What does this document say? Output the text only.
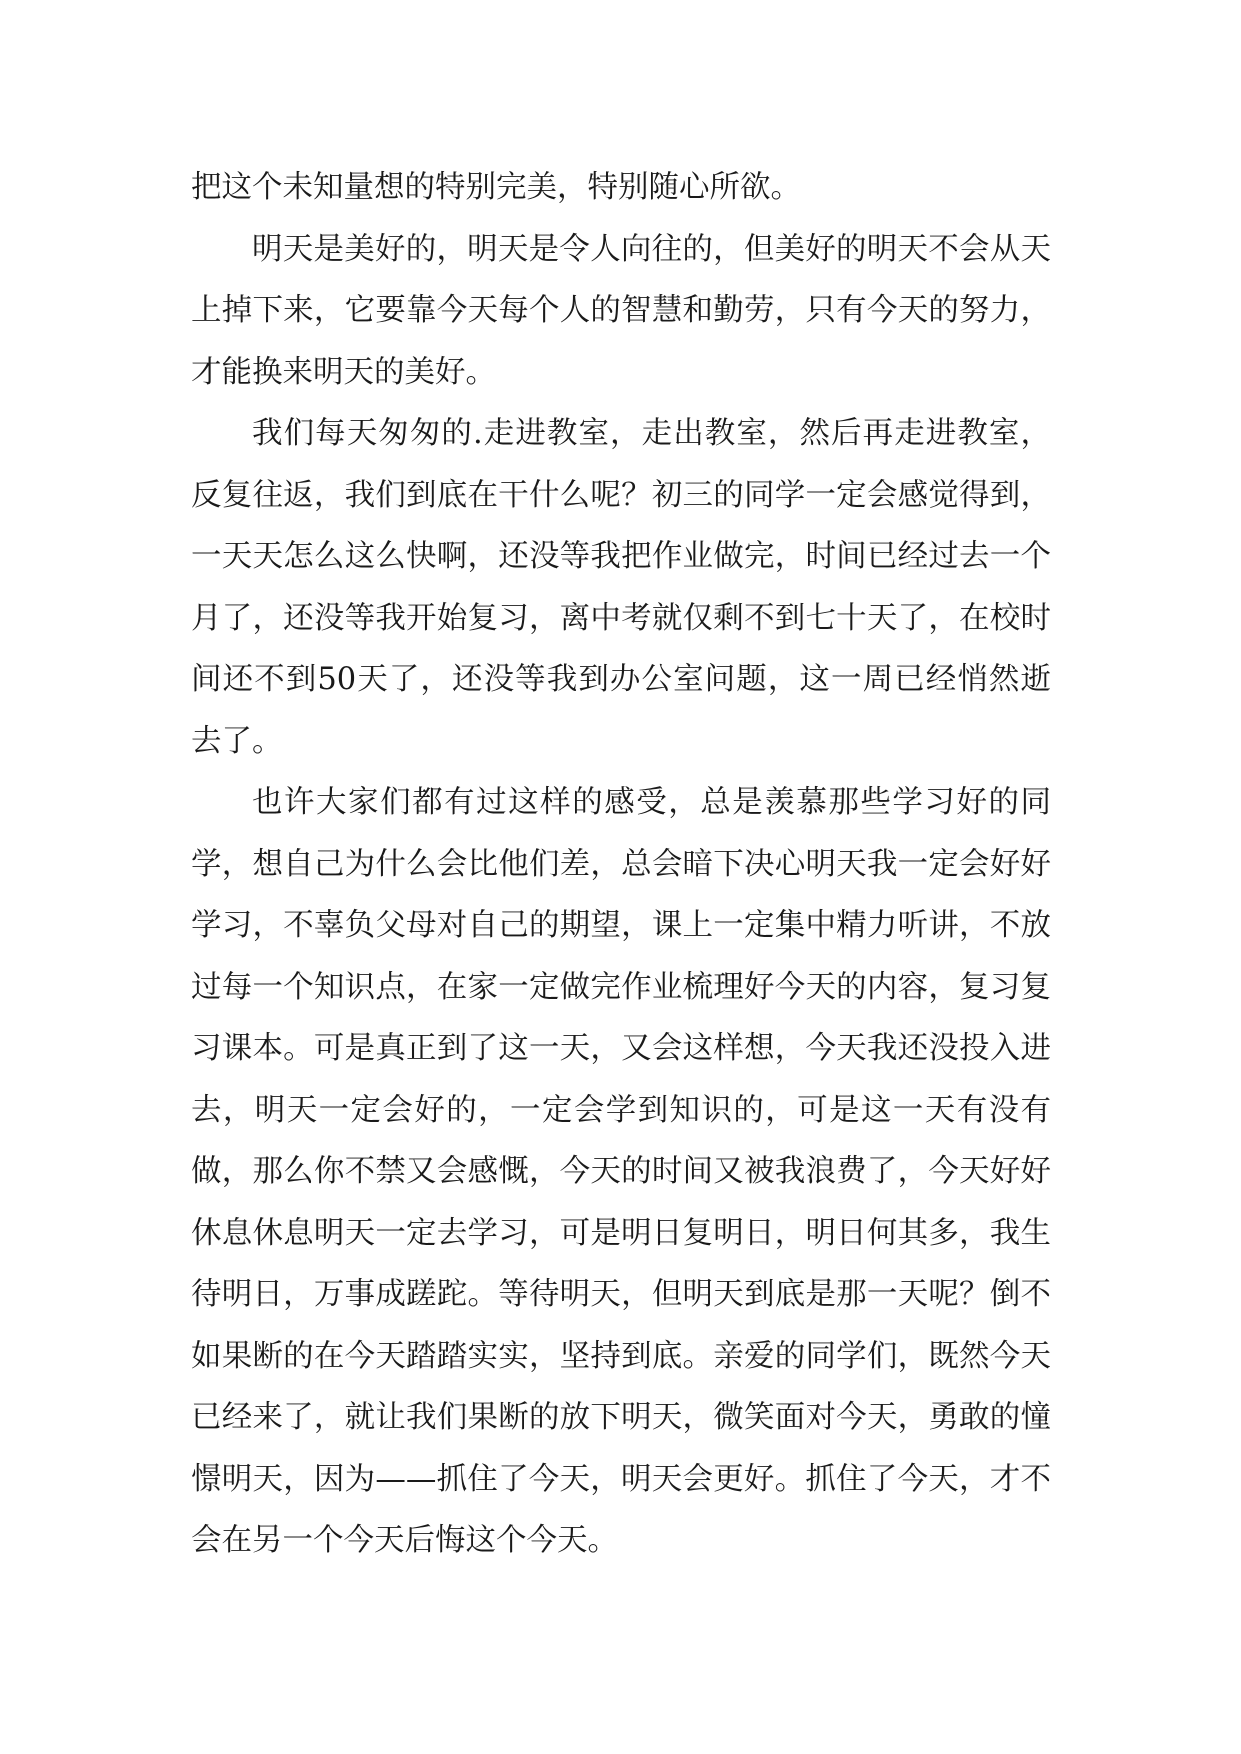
把这个未知量想的特别完美，特别随心所欲。

明天是美好的，明天是令人向往的，但美好的明天不会从天上掉下来，它要靠今天每个人的智慧和勤劳，只有今天的努力，才能换来明天的美好。

我们每天匆匆的.走进教室，走出教室，然后再走进教室，反复往返，我们到底在干什么呢？初三的同学一定会感觉得到，一天天怎么这么快啊，还没等我把作业做完，时间已经过去一个月了，还没等我开始复习，离中考就仅剩不到七十天了，在校时间还不到50天了，还没等我到办公室问题，这一周已经悄然逝去了。

也许大家们都有过这样的感受，总是羡慕那些学习好的同学，想自己为什么会比他们差，总会暗下决心明天我一定会好好学习，不辜负父母对自己的期望，课上一定集中精力听讲，不放过每一个知识点，在家一定做完作业梳理好今天的内容，复习复习课本。可是真正到了这一天，又会这样想，今天我还没投入进去，明天一定会好的，一定会学到知识的，可是这一天有没有做，那么你不禁又会感慨，今天的时间又被我浪费了，今天好好休息休息明天一定去学习，可是明日复明日，明日何其多，我生待明日，万事成蹉跎。等待明天，但明天到底是那一天呢？倒不如果断的在今天踏踏实实，坚持到底。亲爱的同学们，既然今天已经来了，就让我们果断的放下明天，微笑面对今天，勇敢的憧憬明天，因为——抓住了今天，明天会更好。抓住了今天，才不会在另一个今天后悔这个今天。
